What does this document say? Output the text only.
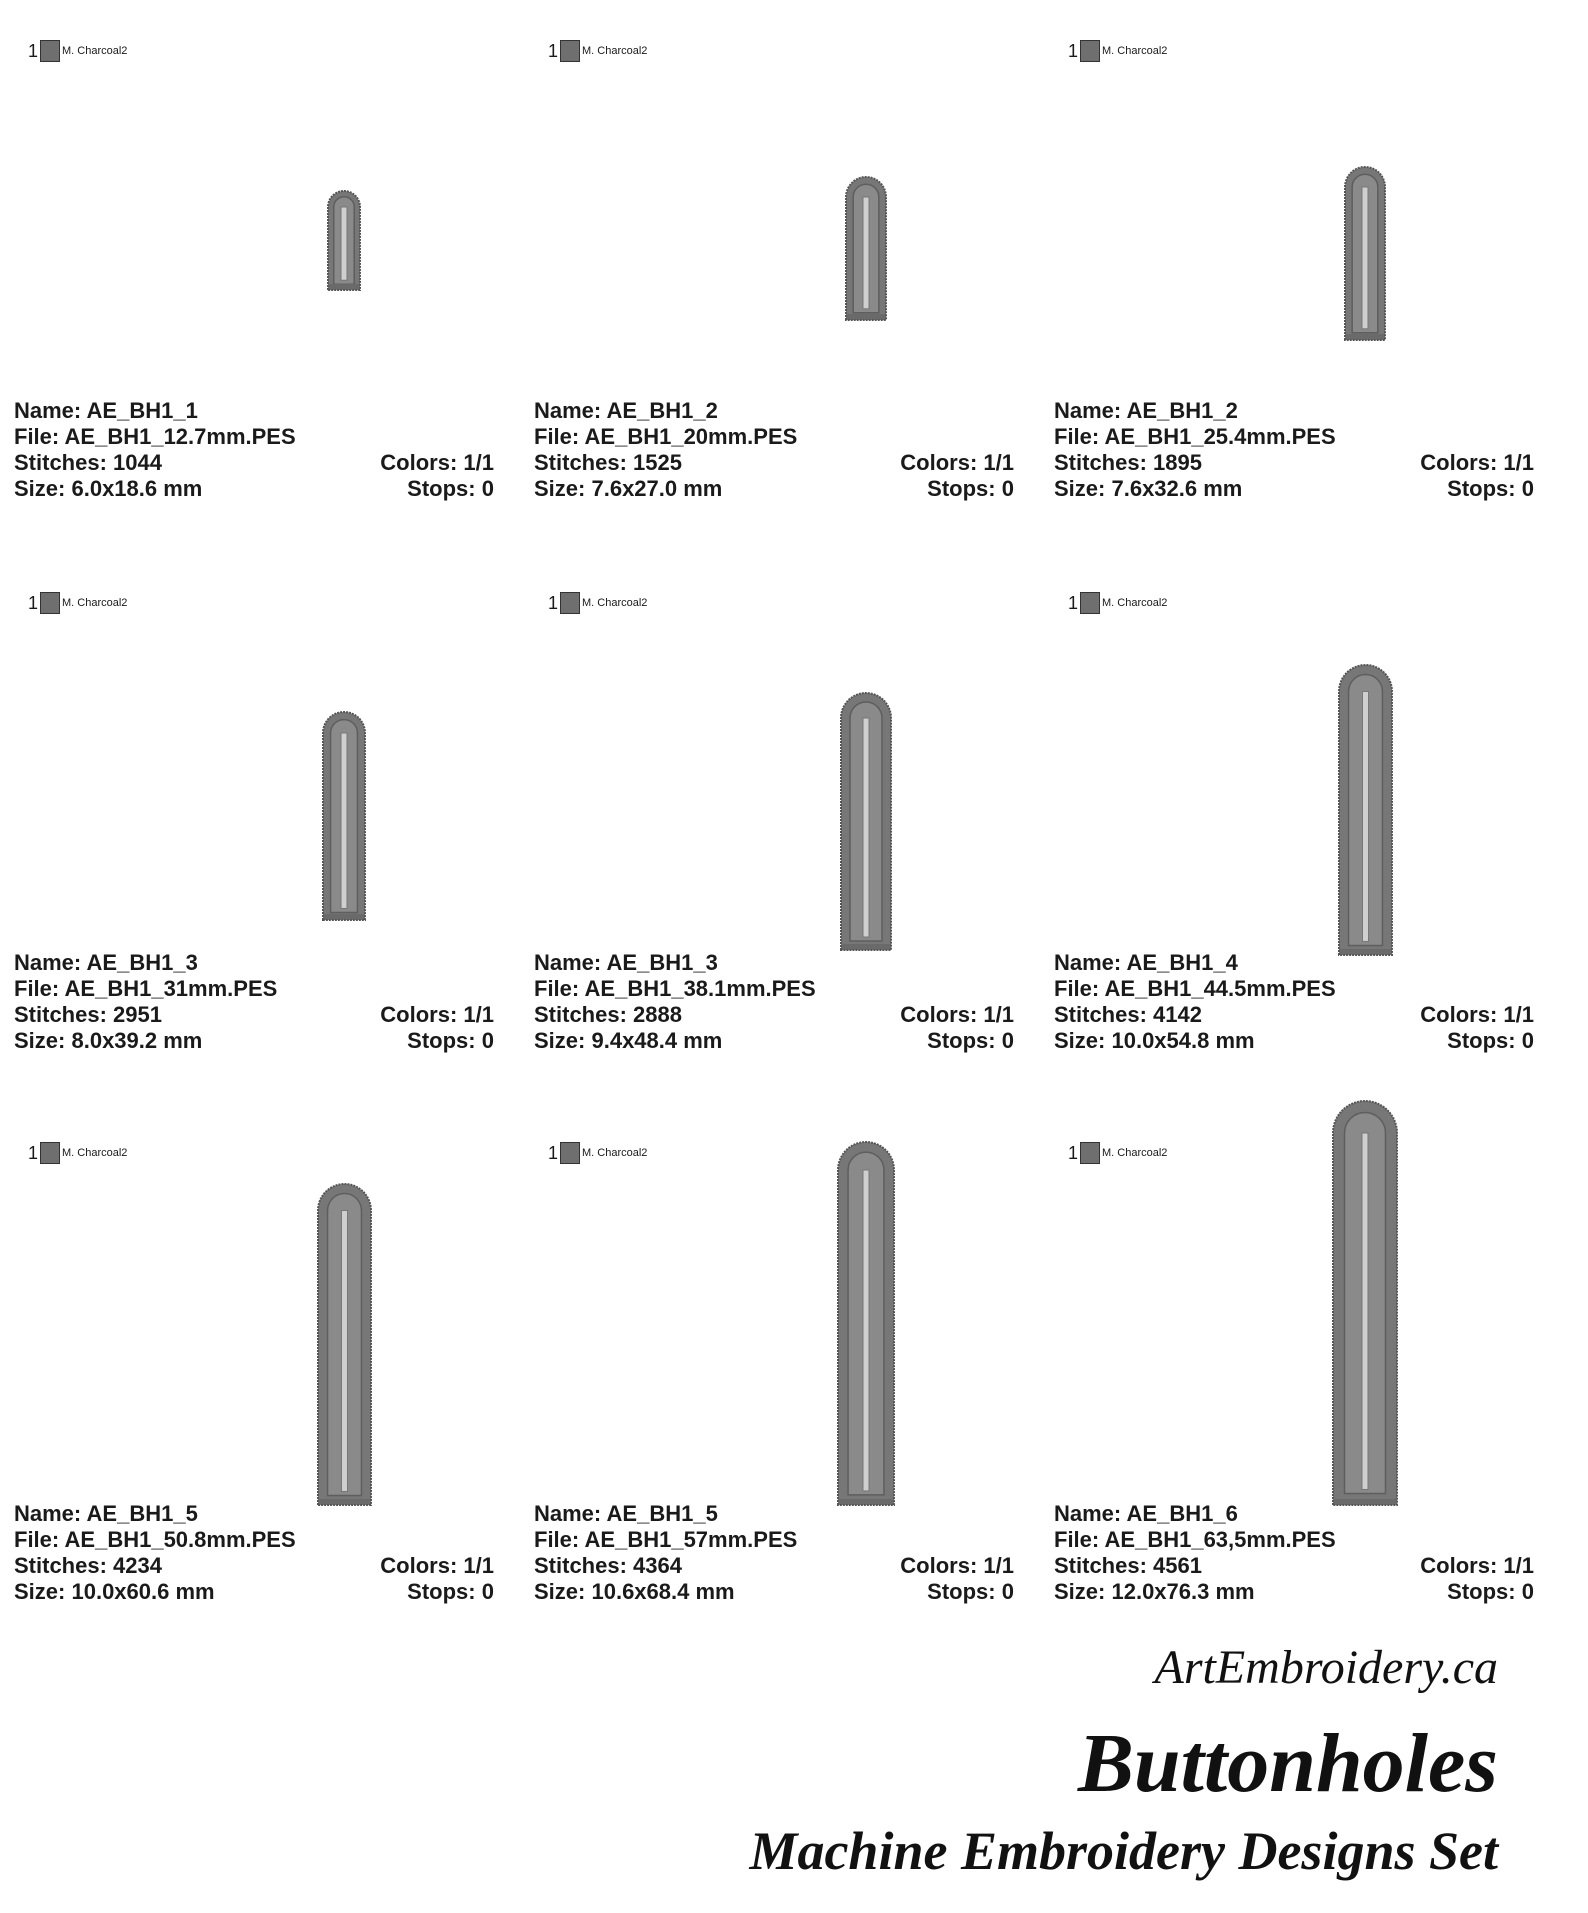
1 M. Charcoal2
Name: AE_BH1_1
File: AE_BH1_12.7mm.PES
Stitches: 1044	Colors: 1/1
Size: 6.0x18.6 mm	Stops: 0
1 M. Charcoal2
Name: AE_BH1_2
File: AE_BH1_20mm.PES
Stitches: 1525	Colors: 1/1
Size: 7.6x27.0 mm	Stops: 0
1 M. Charcoal2
Name: AE_BH1_2
File: AE_BH1_25.4mm.PES
Stitches: 1895	Colors: 1/1
Size: 7.6x32.6 mm	Stops: 0
1 M. Charcoal2
Name: AE_BH1_3
File: AE_BH1_31mm.PES
Stitches: 2951	Colors: 1/1
Size: 8.0x39.2 mm	Stops: 0
1 M. Charcoal2
Name: AE_BH1_3
File: AE_BH1_38.1mm.PES
Stitches: 2888	Colors: 1/1
Size: 9.4x48.4 mm	Stops: 0
1 M. Charcoal2
Name: AE_BH1_4
File: AE_BH1_44.5mm.PES
Stitches: 4142	Colors: 1/1
Size: 10.0x54.8 mm	Stops: 0
1 M. Charcoal2
Name: AE_BH1_5
File: AE_BH1_50.8mm.PES
Stitches: 4234	Colors: 1/1
Size: 10.0x60.6 mm	Stops: 0
1 M. Charcoal2
Name: AE_BH1_5
File: AE_BH1_57mm.PES
Stitches: 4364	Colors: 1/1
Size: 10.6x68.4 mm	Stops: 0
1 M. Charcoal2
Name: AE_BH1_6
File: AE_BH1_63,5mm.PES
Stitches: 4561	Colors: 1/1
Size: 12.0x76.3 mm	Stops: 0
ArtEmbroidery.ca
Buttonholes
Machine Embroidery Designs Set
